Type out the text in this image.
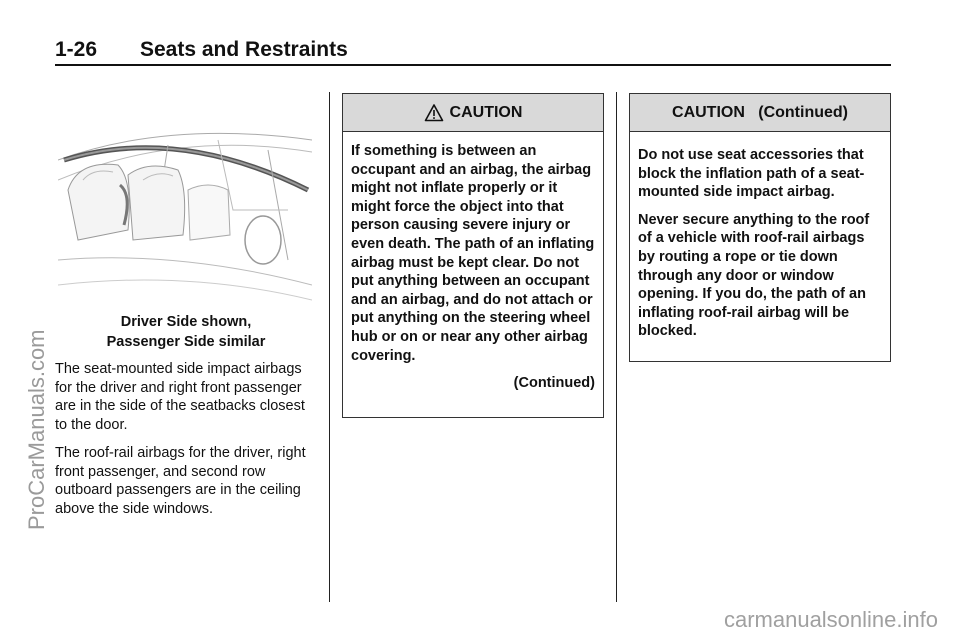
1-26 Seats and Restraints
Driver Side shown,
Passenger Side similar

The seat-mounted side impact airbags for the driver and right front passenger are in the side of the seatbacks closest to the door.

The roof-rail airbags for the driver, right front passenger, and second row outboard passengers are in the ceiling above the side windows.

CAUTION

If something is between an occupant and an airbag, the airbag might not inflate properly or it might force the object into that person causing severe injury or even death. The path of an inflating airbag must be kept clear. Do not put anything between an occupant and an airbag, and do not attach or put anything on the steering wheel hub or on or near any other airbag covering.

(Continued)
CAUTION   (Continued)

Do not use seat accessories that block the inflation path of a seat-mounted side impact airbag.

Never secure anything to the roof of a vehicle with roof-rail airbags by routing a rope or tie down through any door or window opening. If you do, the path of an inflating roof-rail airbag will be blocked.

ProCarManuals.com
carmanualsonline.info
